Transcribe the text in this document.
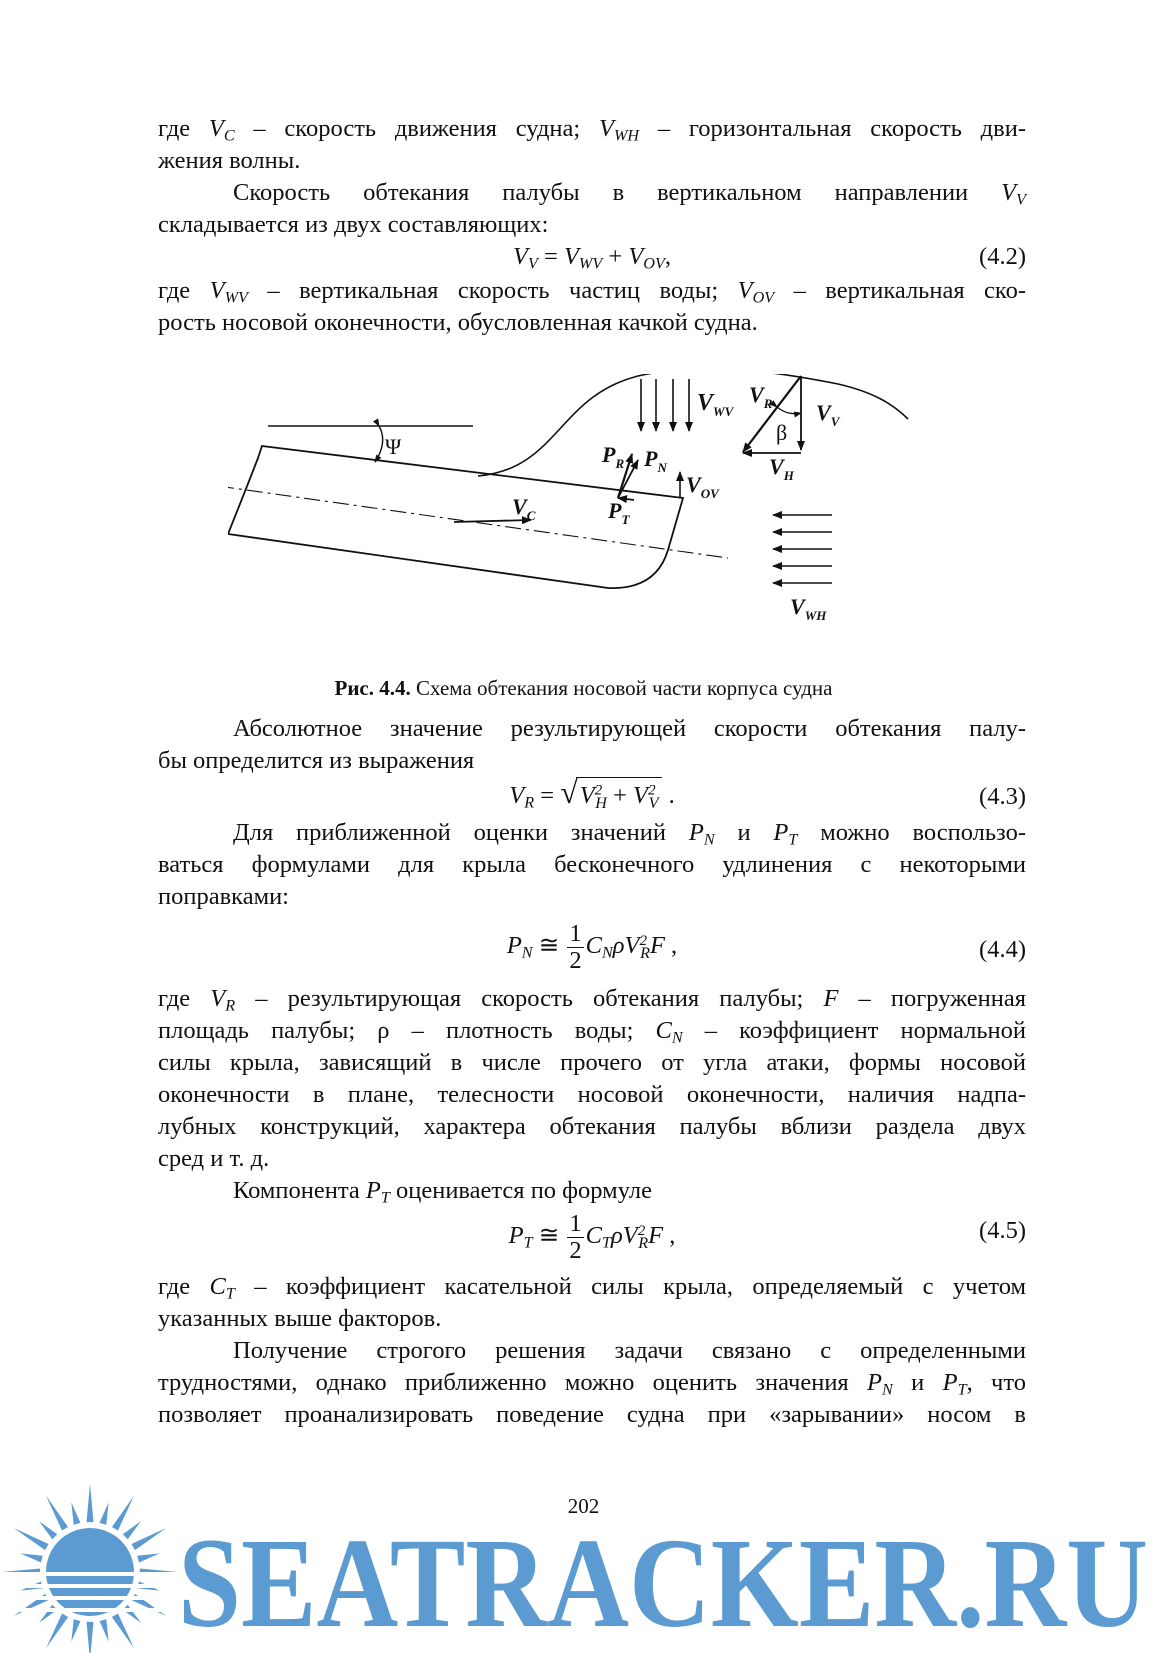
где $V_C$ – скорость движения судна; $V_{WH}$ – горизонтальная скорость дви-
жения волны.
Скорость обтекания палубы в вертикальном направлении $V_V$
складывается из двух составляющих:
$V_V = V_{WV} + V_{OV}$,	(4.2)
где $V_{WV}$ – вертикальная скорость частиц воды; $V_{OV}$ – вертикальная ско-
рость носовой оконечности, обусловленная качкой судна.
Ψ
$V_{WV}$
$V_R$ $V_V$
β
$V_H$
$P_R$ $P_N$
$V_{OV}$
$P_T$
$V_C$
$V_{WH}$
Рис. 4.4. Схема обтекания носовой части корпуса судна
Абсолютное значение результирующей скорости обтекания палу-
бы определится из выражения
$V_R = √V^2_H + V^2_V$ .	(4.3)
Для приближенной оценки значений $P_N$ и $P_T$ можно воспользо-
ваться формулами для крыла бесконечного удлинения с некоторыми
поправками:
$P_N$ ≅ $\frac{1}{2} C_N\rho V^2_RF$ ,	(4.4)
где $V_R$ – результирующая скорость обтекания палубы; F – погруженная
площадь палубы; ρ – плотность воды; $C_N$ – коэффициент нормальной
силы крыла, зависящий в числе прочего от угла атаки, формы носовой
оконечности в плане, телесности носовой оконечности, наличия надпа-
лубных конструкций, характера обтекания палубы вблизи раздела двух
сред и т. д.
Компонента $P_T$ оценивается по формуле
$P_T$ ≅ $\frac{1}{2} C_T\rho V^2_RF$ ,	(4.5)
где $C_T$ – коэффициент касательной силы крыла, определяемый с учетом
указанных выше факторов.
Получение строгого решения задачи связано с определенными
трудностями, однако приближенно можно оценить значения $P_N$ и $P_T$, что
позволяет проанализировать поведение судна при «зарывании» носом в
202
SEATRACKER.RU
